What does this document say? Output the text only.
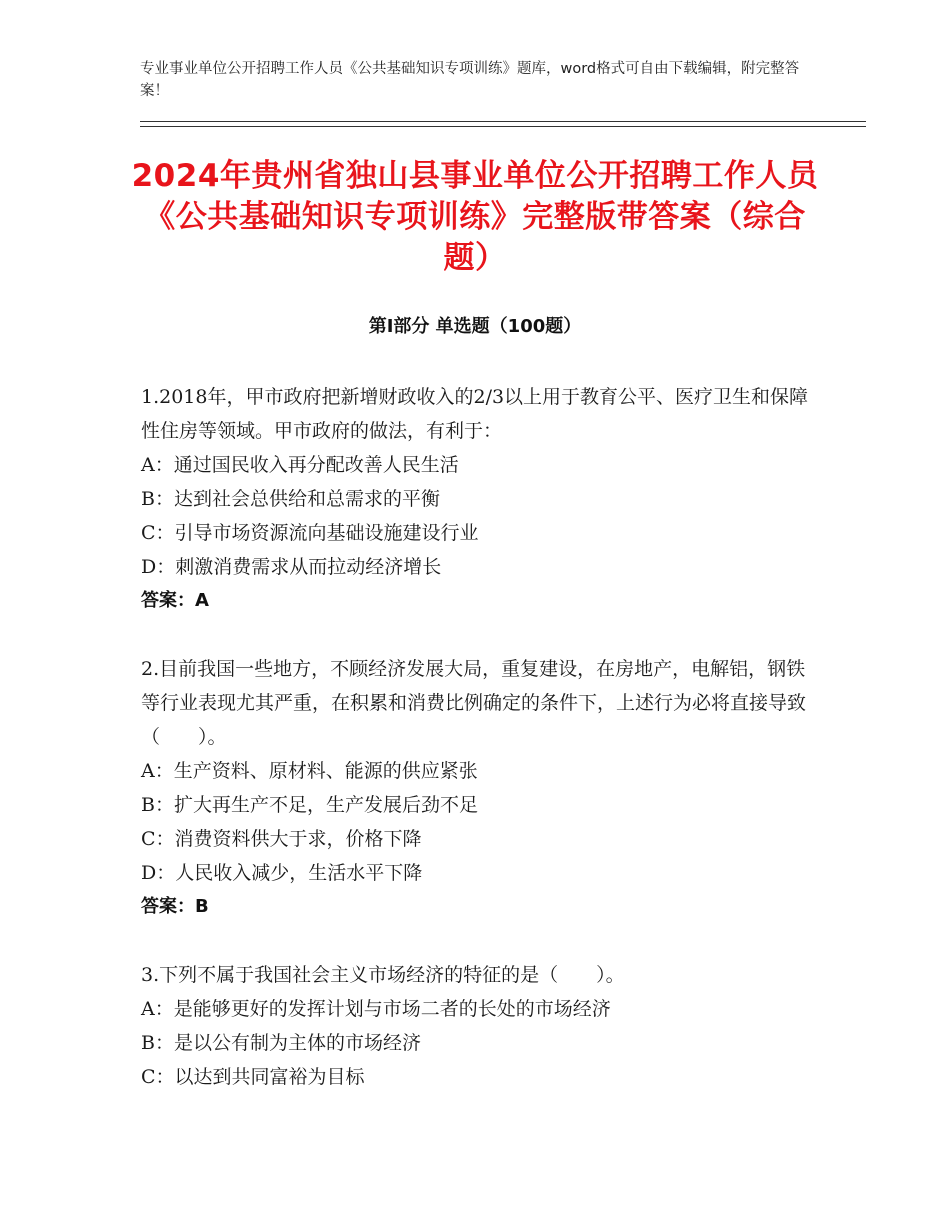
专业事业单位公开招聘工作人员《公共基础知识专项训练》题库，word格式可自由下载编辑，附完整答案！
2024年贵州省独山县事业单位公开招聘工作人员《公共基础知识专项训练》完整版带答案（综合题）
第Ⅰ部分 单选题（100题）

1.2018年，甲市政府把新增财政收入的2/3以上用于教育公平、医疗卫生和保障性住房等领域。甲市政府的做法，有利于：

A：通过国民收入再分配改善人民生活

B：达到社会总供给和总需求的平衡

C：引导市场资源流向基础设施建设行业

D：刺激消费需求从而拉动经济增长

答案：A

2.目前我国一些地方，不顾经济发展大局，重复建设，在房地产，电解铝，钢铁等行业表现尤其严重，在积累和消费比例确定的条件下，上述行为必将直接导致（　　）。

A：生产资料、原材料、能源的供应紧张

B：扩大再生产不足，生产发展后劲不足

C：消费资料供大于求，价格下降

D：人民收入减少，生活水平下降

答案：B

3.下列不属于我国社会主义市场经济的特征的是（　　）。

A：是能够更好的发挥计划与市场二者的长处的市场经济

B：是以公有制为主体的市场经济

C：以达到共同富裕为目标
